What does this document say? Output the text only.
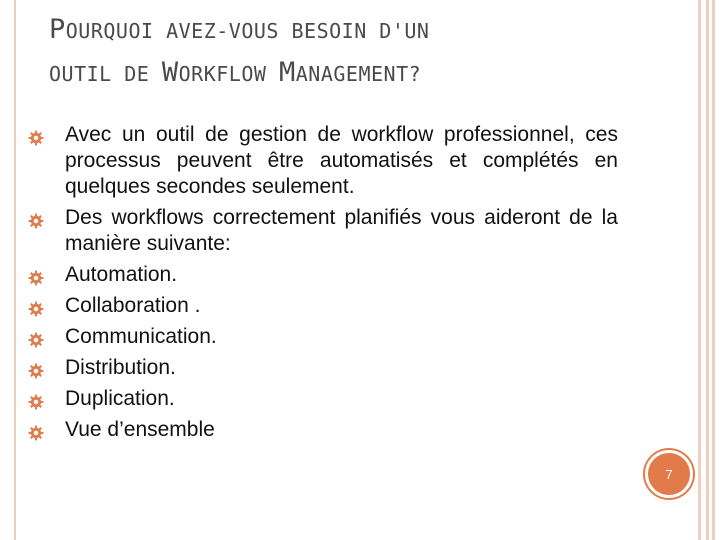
POURQUOI AVEZ-VOUS BESOIN D'UN
OUTIL DE WORKFLOW MANAGEMENT?
Avec un outil de gestion de workflow professionnel, ces processus peuvent être automatisés et complétés en quelques secondes seulement.
Des workflows correctement planifiés vous aideront de la manière suivante:
Automation.
Collaboration .
Communication.
Distribution.
Duplication.
Vue d’ensemble
7
